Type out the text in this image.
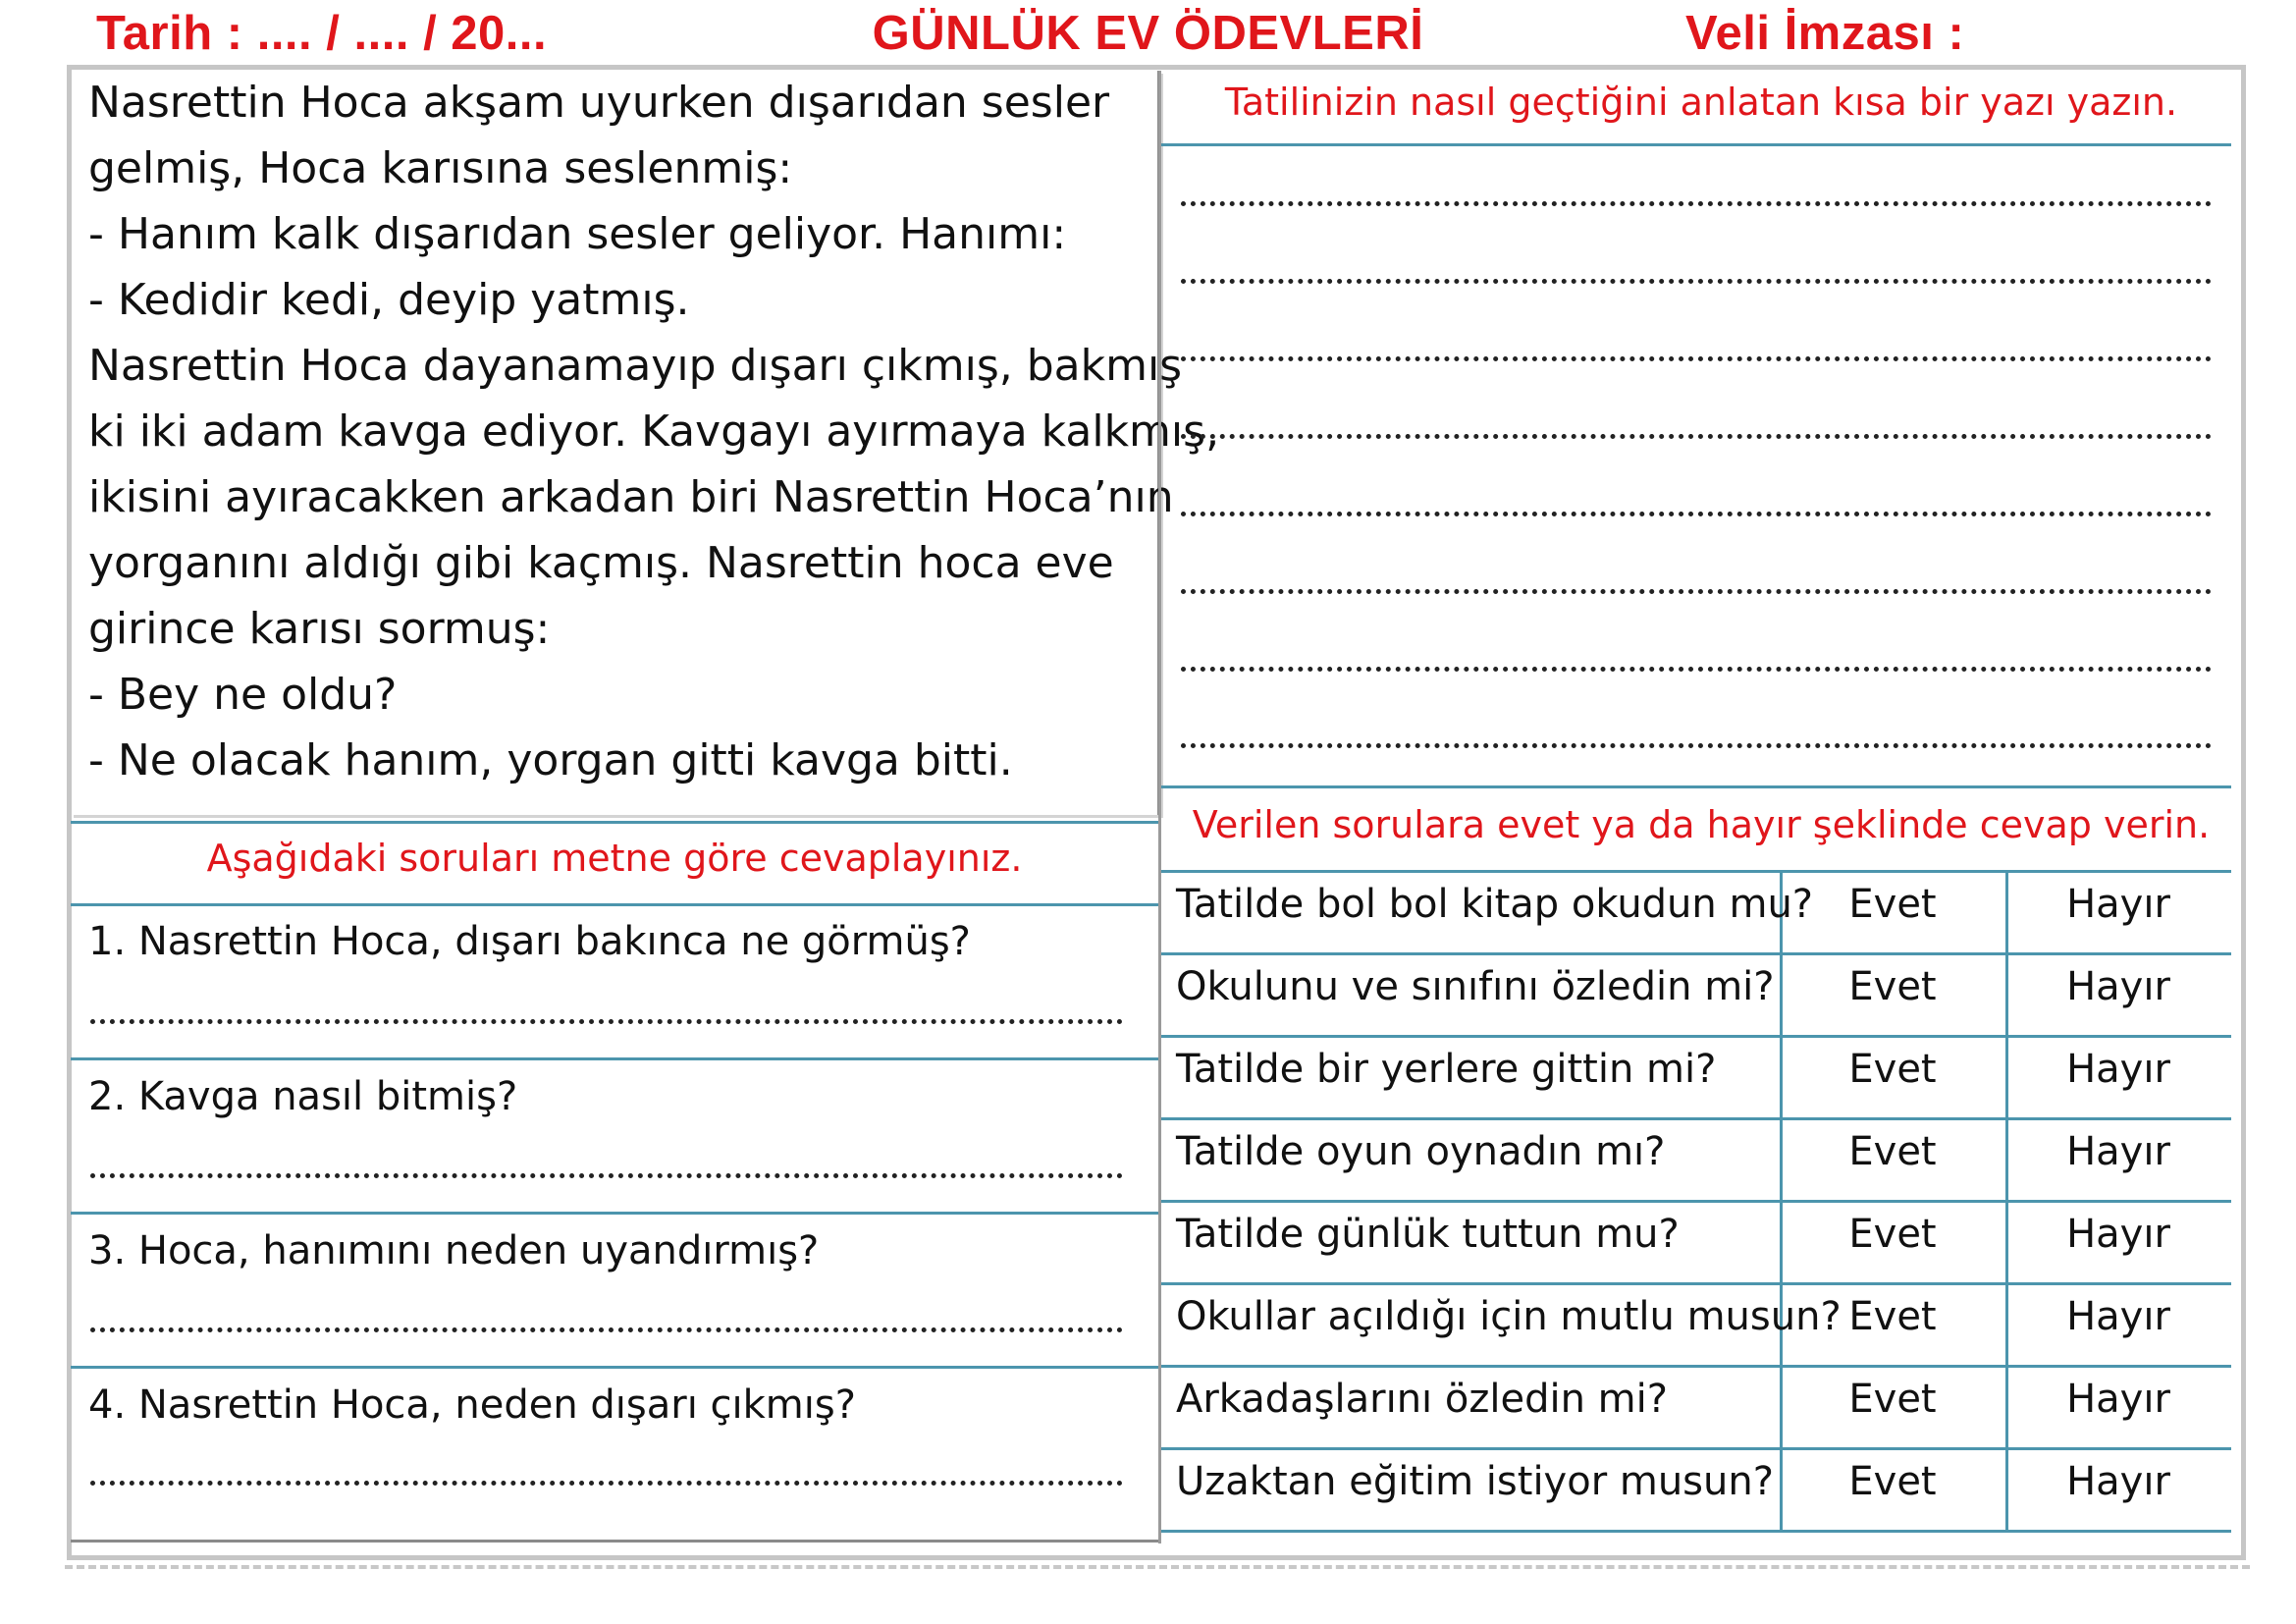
Tarih : .... / .... / 20...	GÜNLÜK EV ÖDEVLERİ	Veli İmzası :
Nasrettin Hoca akşam uyurken dışarıdan sesler
gelmiş, Hoca karısına seslenmiş:
- Hanım kalk dışarıdan sesler geliyor. Hanımı:
- Kedidir kedi, deyip yatmış.
Nasrettin Hoca dayanamayıp dışarı çıkmış, bakmış
ki iki adam kavga ediyor. Kavgayı ayırmaya kalkmış,
ikisini ayıracakken arkadan biri Nasrettin Hoca’nın
yorganını aldığı gibi kaçmış. Nasrettin hoca eve
girince karısı sormuş:
- Bey ne oldu?
- Ne olacak hanım, yorgan gitti kavga bitti.
Aşağıdaki soruları metne göre cevaplayınız.
1. Nasrettin Hoca, dışarı bakınca ne görmüş?
2. Kavga nasıl bitmiş?
3. Hoca, hanımını neden uyandırmış?
4. Nasrettin Hoca, neden dışarı çıkmış?
Tatilinizin nasıl geçtiğini anlatan kısa bir yazı yazın.
Verilen sorulara evet ya da hayır şeklinde cevap verin.
Tatilde bol bol kitap okudun mu? Evet	Hayır
Okulunu ve sınıfını özledin mi?	Evet	Hayır
Tatilde bir yerlere gittin mi?	Evet	Hayır
Tatilde oyun oynadın mı?	Evet	Hayır
Tatilde günlük tuttun mu?	Evet	Hayır
Okullar açıldığı için mutlu musun? Evet	Hayır
Arkadaşlarını özledin mi?	Evet	Hayır
Uzaktan eğitim istiyor musun?	Evet	Hayır
